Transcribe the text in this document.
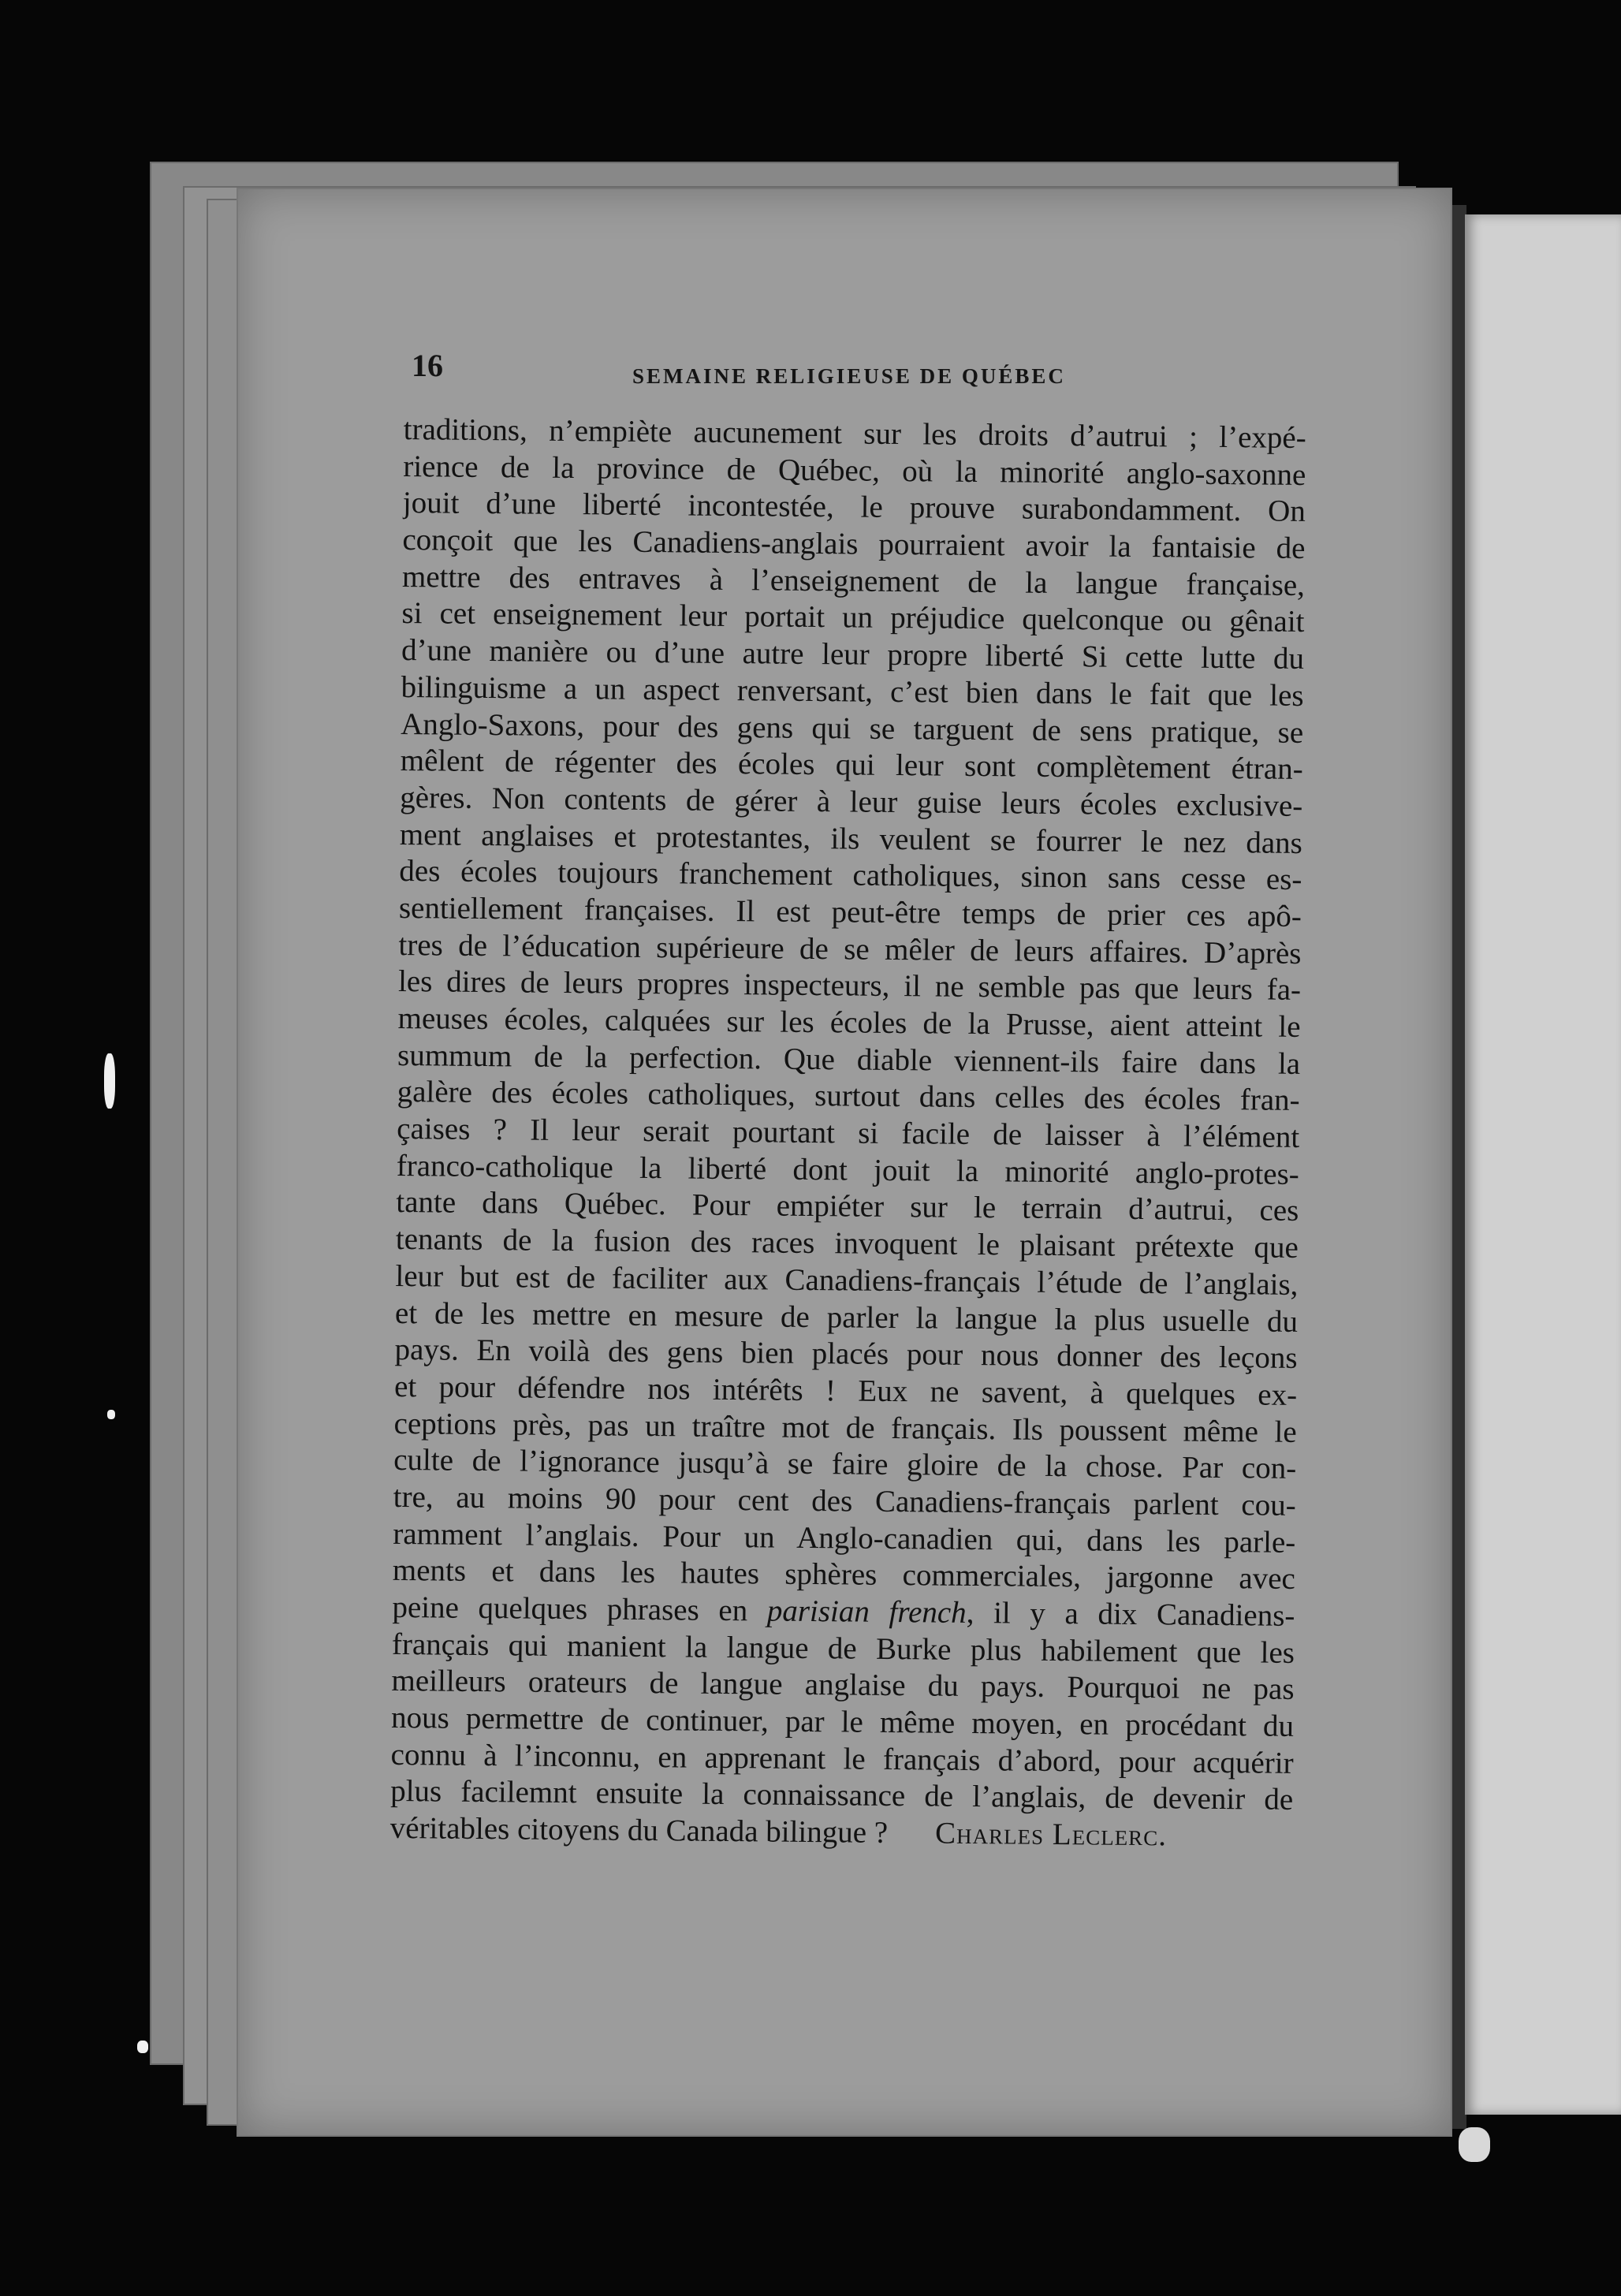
16	SEMAINE RELIGIEUSE DE QUÉBEC
traditions, n’empiète aucunement sur les droits d’autrui ; l’expé-
rience de la province de Québec, où la minorité anglo-saxonne
jouit d’une liberté incontestée, le prouve surabondamment. On
conçoit que les Canadiens-anglais pourraient avoir la fantaisie de
mettre des entraves à l’enseignement de la langue française,
si cet enseignement leur portait un préjudice quelconque ou gênait
d’une manière ou d’une autre leur propre liberté Si cette lutte du
bilinguisme a un aspect renversant, c’est bien dans le fait que les
Anglo-Saxons, pour des gens qui se targuent de sens pratique, se
mêlent de régenter des écoles qui leur sont complètement étran-
gères. Non contents de gérer à leur guise leurs écoles exclusive-
ment anglaises et protestantes, ils veulent se fourrer le nez dans
des écoles toujours franchement catholiques, sinon sans cesse es-
sentiellement françaises. Il est peut-être temps de prier ces apô-
tres de l’éducation supérieure de se mêler de leurs affaires. D’après
les dires de leurs propres inspecteurs, il ne semble pas que leurs fa-
meuses écoles, calquées sur les écoles de la Prusse, aient atteint le
summum de la perfection. Que diable viennent-ils faire dans la
galère des écoles catholiques, surtout dans celles des écoles fran-
çaises ? Il leur serait pourtant si facile de laisser à l’élément
franco-catholique la liberté dont jouit la minorité anglo-protes-
tante dans Québec. Pour empiéter sur le terrain d’autrui, ces
tenants de la fusion des races invoquent le plaisant prétexte que
leur but est de faciliter aux Canadiens-français l’étude de l’anglais,
et de les mettre en mesure de parler la langue la plus usuelle du
pays. En voilà des gens bien placés pour nous donner des leçons
et pour défendre nos intérêts ! Eux ne savent, à quelques ex-
ceptions près, pas un traître mot de français. Ils poussent même le
culte de l’ignorance jusqu’à se faire gloire de la chose. Par con-
tre, au moins 90 pour cent des Canadiens-français parlent cou-
ramment l’anglais. Pour un Anglo-canadien qui, dans les parle-
ments et dans les hautes sphères commerciales, jargonne avec
peine quelques phrases en parisian french, il y a dix Canadiens-
français qui manient la langue de Burke plus habilement que les
meilleurs orateurs de langue anglaise du pays. Pourquoi ne pas
nous permettre de continuer, par le même moyen, en procédant du
connu à l’inconnu, en apprenant le français d’abord, pour acquérir
plus facilemnt ensuite la connaissance de l’anglais, de devenir de
véritables citoyens du Canada bilingue ? Charles Leclerc.
